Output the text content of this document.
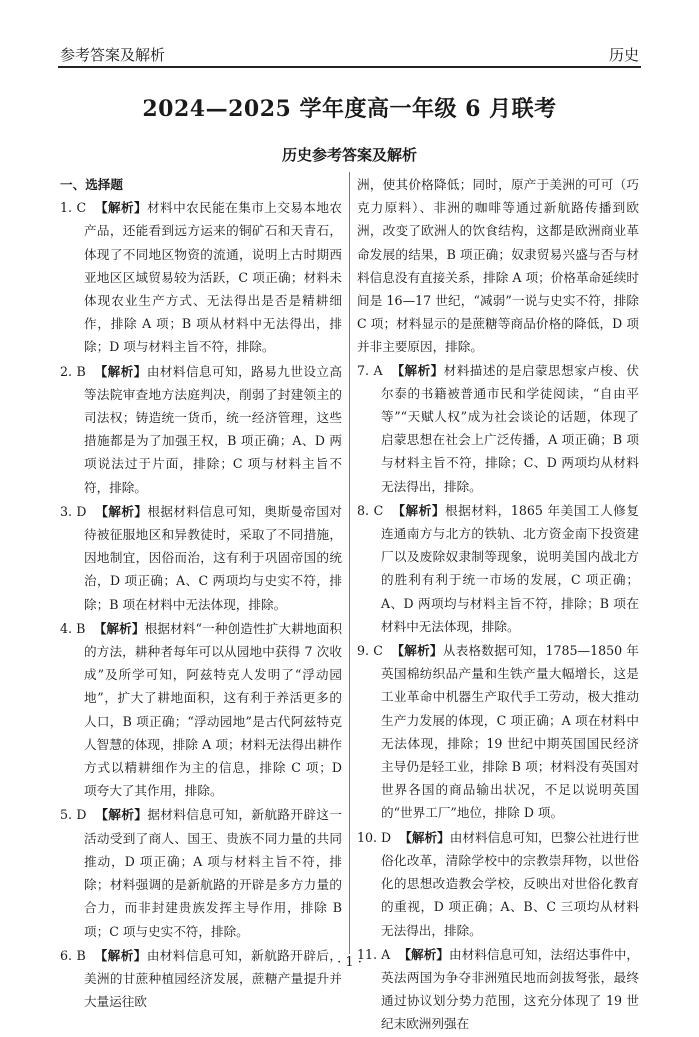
参考答案及解析	历史
2024—2025 学年度高一年级 6 月联考
历史参考答案及解析
一、选择题
1. C 【解析】材料中农民能在集市上交易本地农产品，还能看到远方运来的铜矿石和天青石，体现了不同地区物资的流通，说明上古时期西亚地区区域贸易较为活跃，C 项正确；材料未体现农业生产方式、无法得出是否是精耕细作，排除 A 项；B 项从材料中无法得出，排除；D 项与材料主旨不符，排除。
2. B 【解析】由材料信息可知，路易九世设立高等法院审查地方法庭判决，削弱了封建领主的司法权；铸造统一货币，统一经济管理，这些措施都是为了加强王权，B 项正确；A、D 两项说法过于片面，排除；C 项与材料主旨不符，排除。
3. D 【解析】根据材料信息可知，奥斯曼帝国对待被征服地区和异教徒时，采取了不同措施，因地制宜，因俗而治，这有利于巩固帝国的统治，D 项正确；A、C 两项均与史实不符，排除；B 项在材料中无法体现，排除。
4. B 【解析】根据材料“一种创造性扩大耕地面积的方法，耕种者每年可以从园地中获得 7 次收成”及所学可知，阿兹特克人发明了“浮动园地”，扩大了耕地面积，这有利于养活更多的人口，B 项正确；“浮动园地”是古代阿兹特克人智慧的体现，排除 A 项；材料无法得出耕作方式以精耕细作为主的信息，排除 C 项；D 项夸大了其作用，排除。
5. D 【解析】据材料信息可知，新航路开辟这一活动受到了商人、国王、贵族不同力量的共同推动，D 项正确；A 项与材料主旨不符，排除；材料强调的是新航路的开辟是多方力量的合力，而非封建贵族发挥主导作用，排除 B 项；C 项与史实不符，排除。
6. B 【解析】由材料信息可知，新航路开辟后，美洲的甘蔗种植园经济发展，蔗糖产量提升并大量运往欧
洲，使其价格降低；同时，原产于美洲的可可（巧克力原料）、非洲的咖啡等通过新航路传播到欧洲，改变了欧洲人的饮食结构，这都是欧洲商业革命发展的结果，B 项正确；奴隶贸易兴盛与否与材料信息没有直接关系，排除 A 项；价格革命延续时间是 16—17 世纪，“减弱”一说与史实不符，排除 C 项；材料显示的是蔗糖等商品价格的降低，D 项并非主要原因，排除。
7. A 【解析】材料描述的是启蒙思想家卢梭、伏尔泰的书籍被普通市民和学徒阅读，“自由平等”“天赋人权”成为社会谈论的话题，体现了启蒙思想在社会上广泛传播，A 项正确；B 项与材料主旨不符，排除；C、D 两项均从材料无法得出，排除。
8. C 【解析】根据材料，1865 年美国工人修复连通南方与北方的铁轨、北方资金南下投资建厂以及废除奴隶制等现象，说明美国内战北方的胜利有利于统一市场的发展，C 项正确；A、D 两项均与材料主旨不符，排除；B 项在材料中无法体现，排除。
9. C 【解析】从表格数据可知，1785—1850 年英国棉纺织品产量和生铁产量大幅增长，这是工业革命中机器生产取代手工劳动，极大推动生产力发展的体现，C 项正确；A 项在材料中无法体现，排除；19 世纪中期英国国民经济主导仍是轻工业，排除 B 项；材料没有英国对世界各国的商品输出状况，不足以说明英国的“世界工厂”地位，排除 D 项。
10. D 【解析】由材料信息可知，巴黎公社进行世俗化改革，清除学校中的宗教崇拜物，以世俗化的思想改造教会学校，反映出对世俗化教育的重视，D 项正确；A、B、C 三项均从材料无法得出，排除。
11. A 【解析】由材料信息可知，法绍达事件中，英法两国为争夺非洲殖民地而剑拔弩张，最终通过协议划分势力范围，这充分体现了 19 世纪末欧洲列强在
· 1 ·
